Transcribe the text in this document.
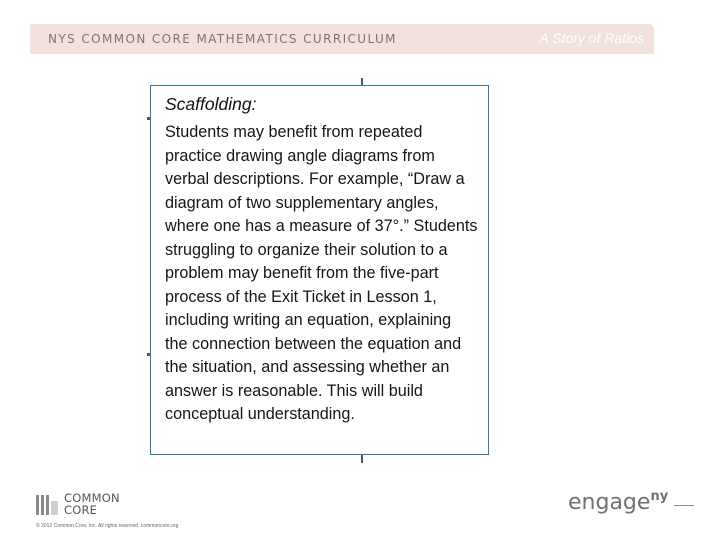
NYS COMMON CORE MATHEMATICS CURRICULUM	A Story of Ratios

Scaffolding:

Students may benefit from repeated practice drawing angle diagrams from verbal descriptions. For example, “Draw a diagram of two supplementary angles, where one has a measure of 37°.” Students struggling to organize their solution to a problem may benefit from the five-part process of the Exit Ticket in Lesson 1, including writing an equation, explaining the connection between the equation and the situation, and assessing whether an answer is reasonable. This will build conceptual understanding.

COMMON
CORE
© 2012 Common Core, Inc. All rights reserved. commoncore.org
engage$^{ny}$
